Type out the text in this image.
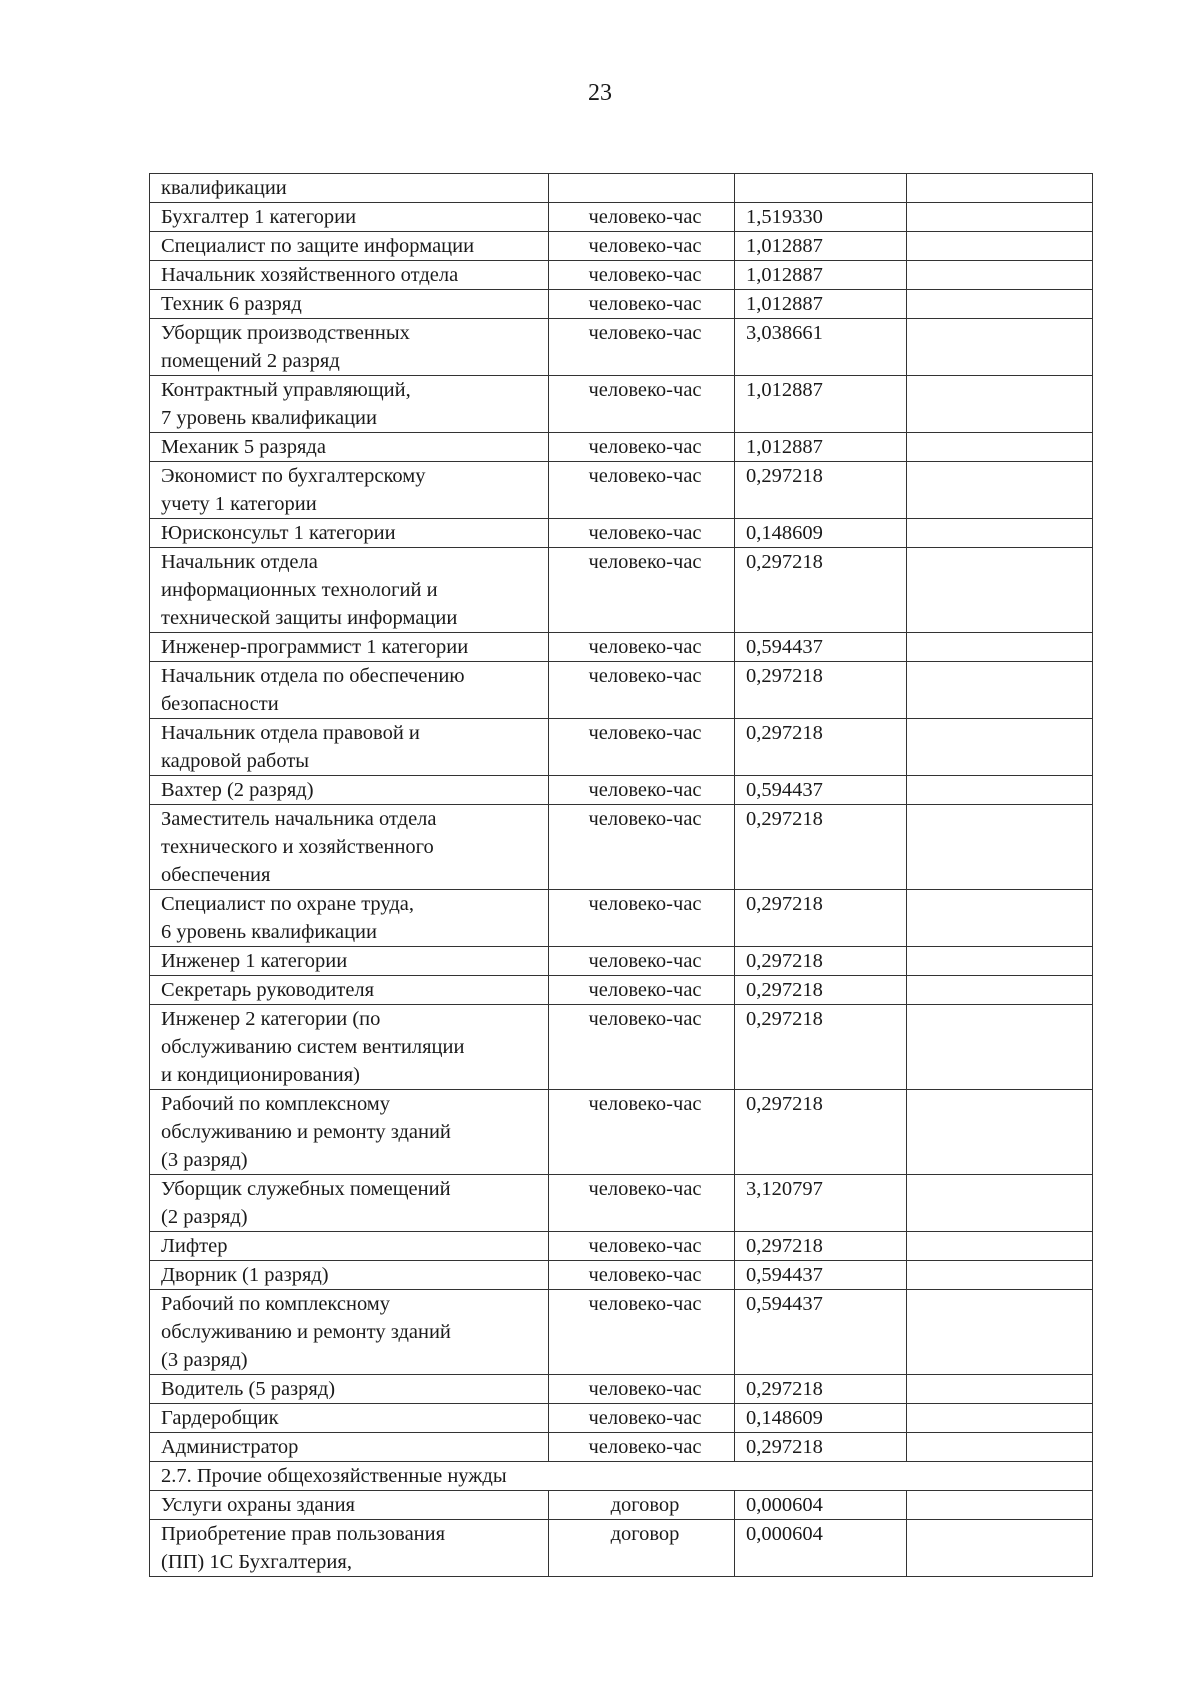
23
квалификации			
Бухгалтер 1 категории	человеко-час	1,519330	
Специалист по защите информации	человеко-час	1,012887	
Начальник хозяйственного отдела	человеко-час	1,012887	
Техник 6 разряд	человеко-час	1,012887	
Уборщик производственных
помещений 2 разряд	человеко-час	3,038661	
Контрактный управляющий,
7 уровень квалификации	человеко-час	1,012887	
Механик 5 разряда	человеко-час	1,012887	
Экономист по бухгалтерскому
учету 1 категории	человеко-час	0,297218	
Юрисконсульт 1 категории	человеко-час	0,148609	
Начальник отдела
информационных технологий и
технической защиты информации	человеко-час	0,297218	
Инженер-программист 1 категории	человеко-час	0,594437	
Начальник отдела по обеспечению
безопасности	человеко-час	0,297218	
Начальник отдела правовой и
кадровой работы	человеко-час	0,297218	
Вахтер (2 разряд)	человеко-час	0,594437	
Заместитель начальника отдела
технического и хозяйственного
обеспечения	человеко-час	0,297218	
Специалист по охране труда,
6 уровень квалификации	человеко-час	0,297218	
Инженер 1 категории	человеко-час	0,297218	
Секретарь руководителя	человеко-час	0,297218	
Инженер 2 категории (по
обслуживанию систем вентиляции
и кондиционирования)	человеко-час	0,297218	
Рабочий по комплексному
обслуживанию и ремонту зданий
(3 разряд)	человеко-час	0,297218	
Уборщик служебных помещений
(2 разряд)	человеко-час	3,120797	
Лифтер	человеко-час	0,297218	
Дворник (1 разряд)	человеко-час	0,594437	
Рабочий по комплексному
обслуживанию и ремонту зданий
(3 разряд)	человеко-час	0,594437	
Водитель (5 разряд)	человеко-час	0,297218	
Гардеробщик	человеко-час	0,148609	
Администратор	человеко-час	0,297218	
2.7. Прочие общехозяйственные нужды			
Услуги охраны здания	договор	0,000604	
Приобретение прав пользования
(ПП) 1С Бухгалтерия,	договор	0,000604	
